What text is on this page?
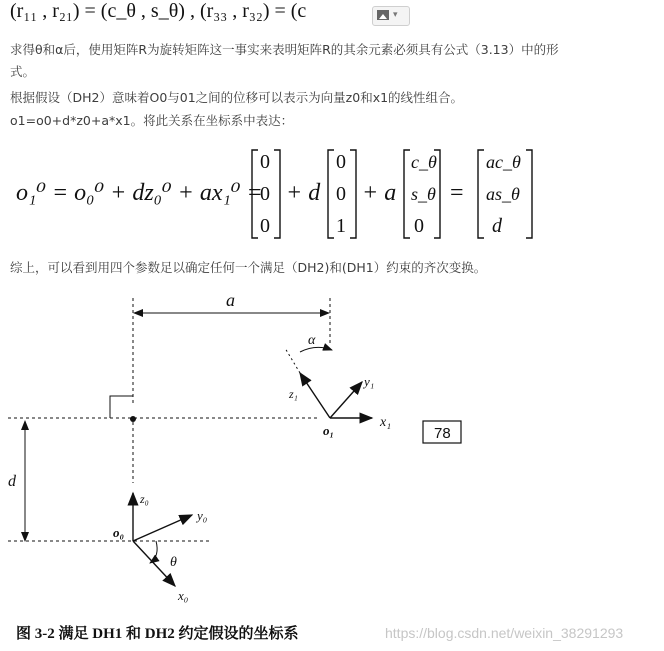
(r₁₁ , r₂₁) = (c_θ , s_θ) , (r₃₃ , r₃₂) = (c	▾
求得θ和α后，使用矩阵R为旋转矩阵这一事实来表明矩阵R的其余元素必须具有公式（3.13）中的形
式。
根据假设（DH2）意味着O0与01之间的位移可以表示为向量z0和x1的线性组合。
o1=o0+d*z0+a*x1。将此关系在坐标系中表达：
o₁⁰ = o₀⁰ + dz₀⁰ + ax₁⁰ =
0
0
0
+ d
0
0
1
+ a
c_θ
s_θ
0
=
ac_θ
as_θ
d
综上，可以看到用四个参数足以确定任何一个满足（DH2)和(DH1）约束的齐次变换。
a
α
z₁
y₁
x₁
o₁	78
d
θ
z₀
y₀
x₀
o₀
图 3-2 满足 DH1 和 DH2 约定假设的坐标系	https://blog.csdn.net/weixin_38291293
